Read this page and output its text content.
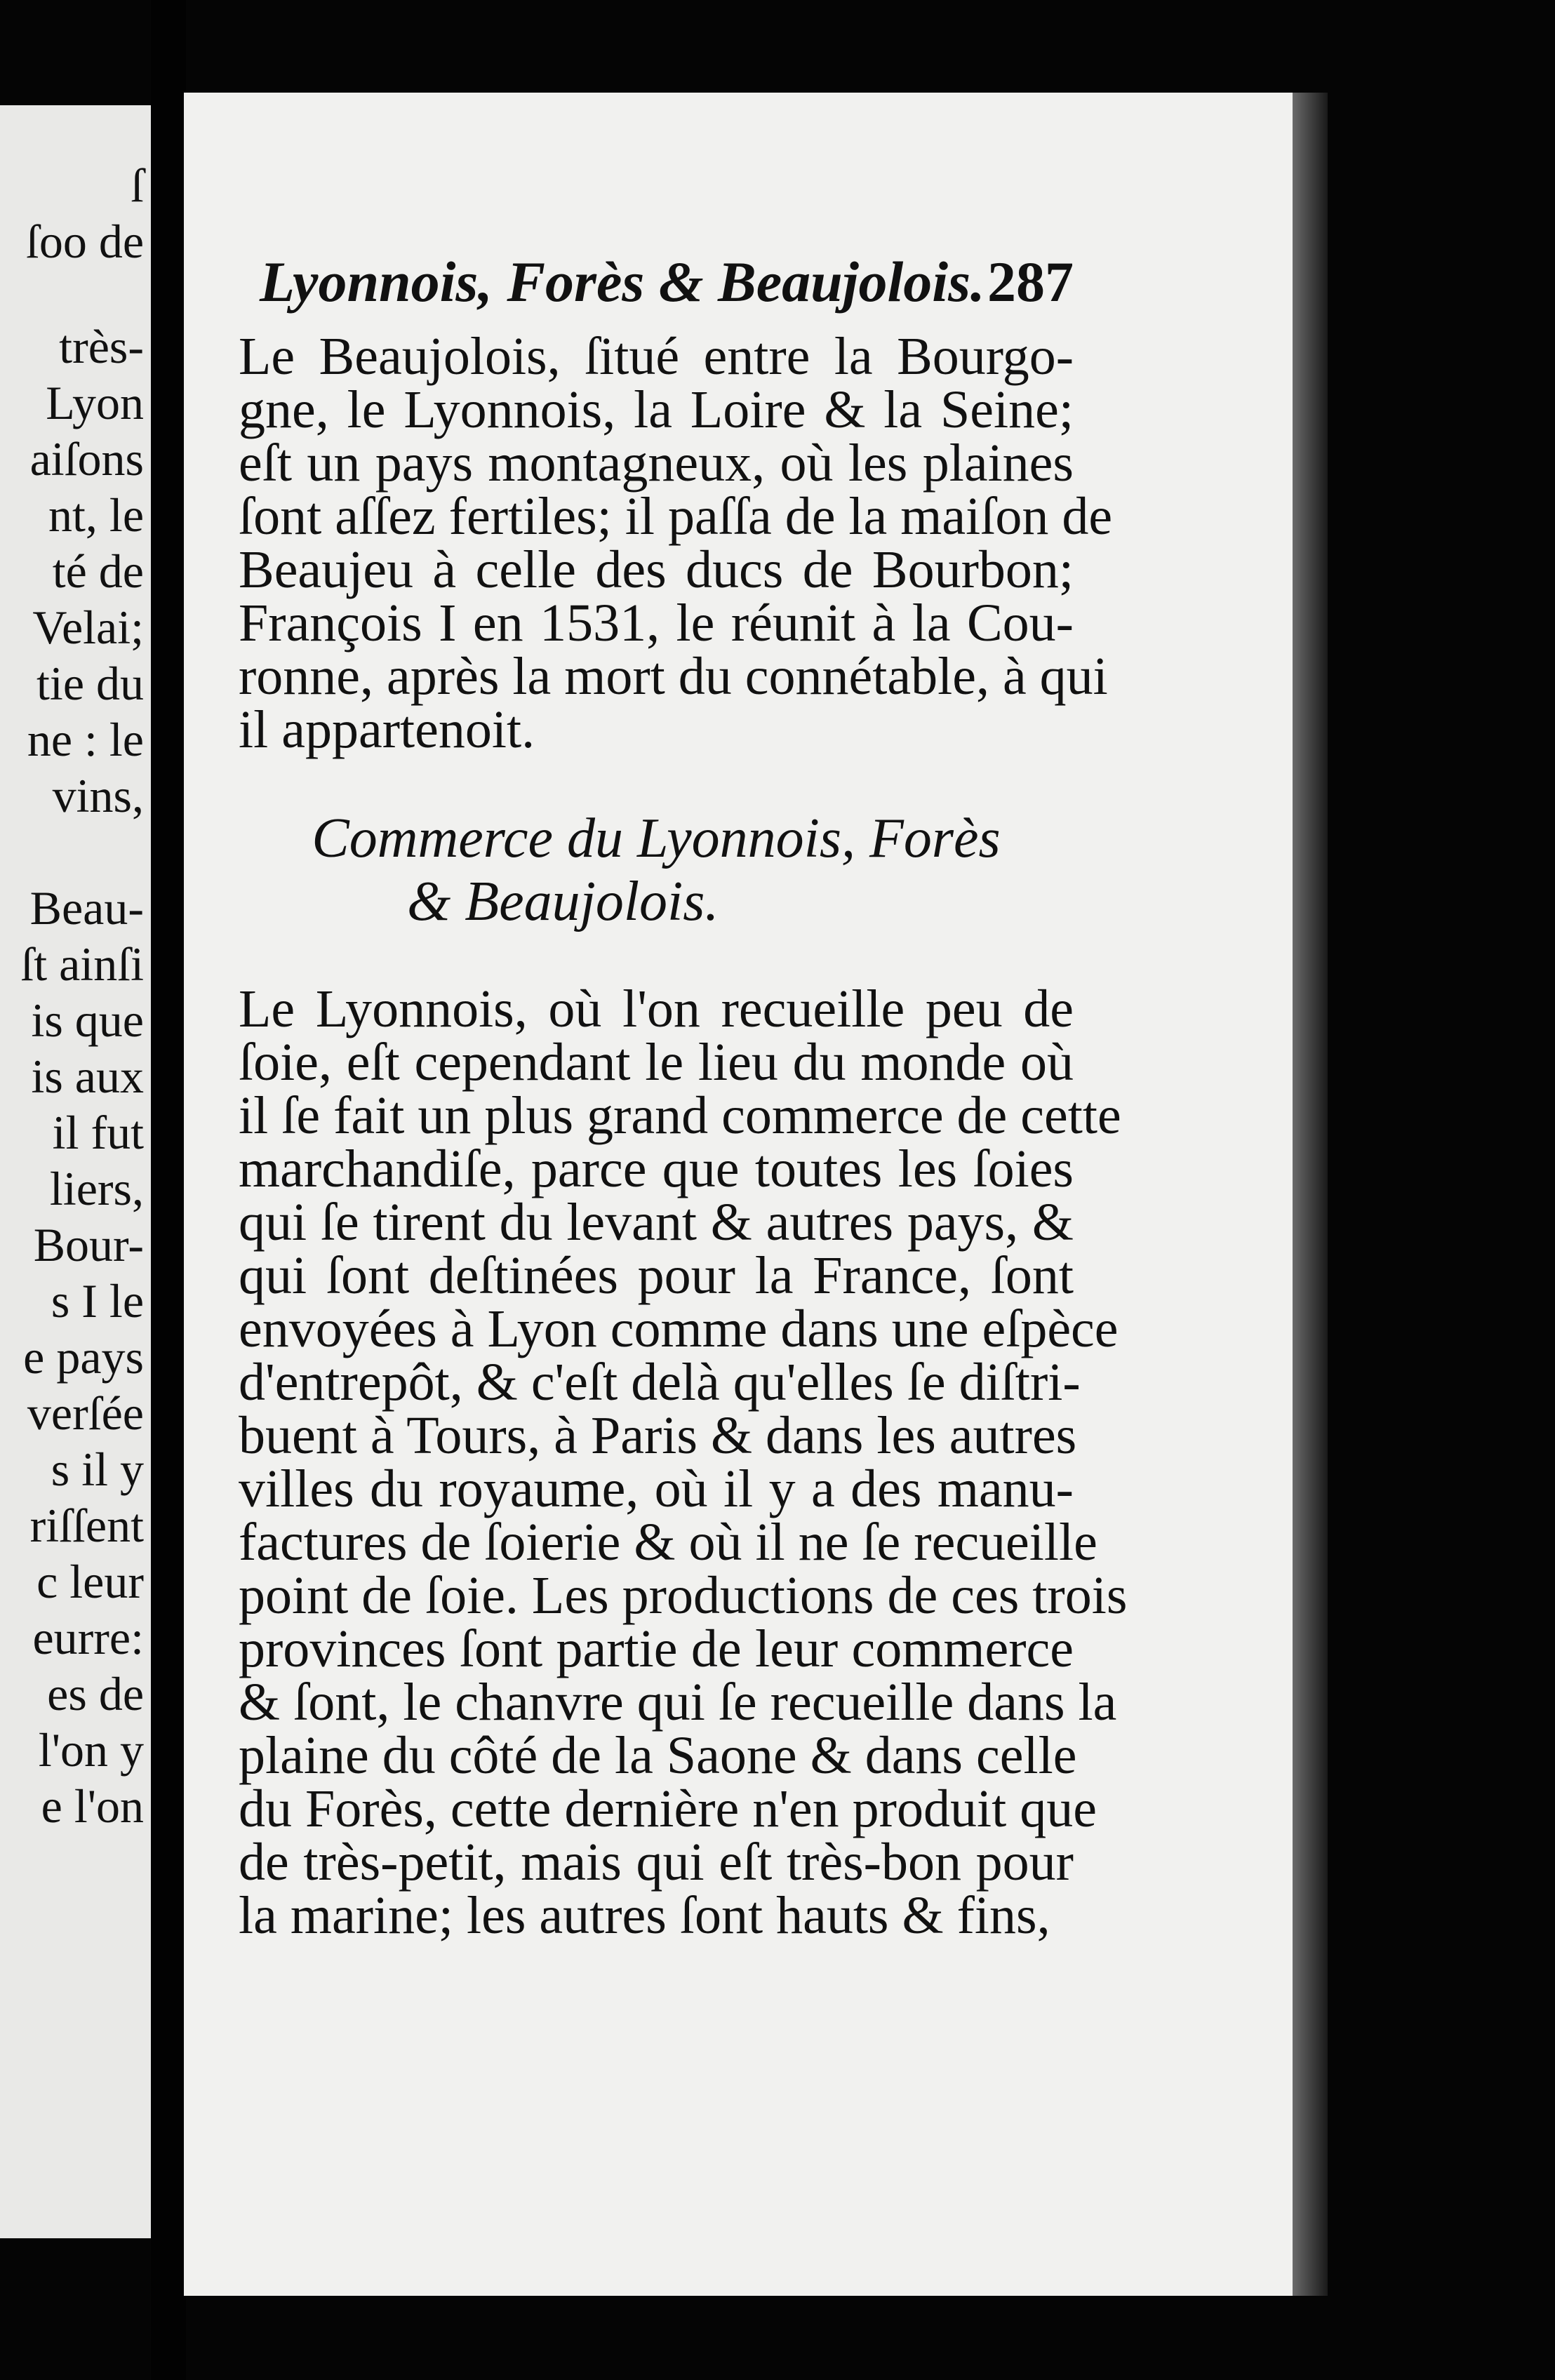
ſ
ſoo de
très-
Lyon
aiſons
nt, le
té de
Velai;
tie du
ne : le
vins,
Beau-
ſt ainſi
is que
is aux
il fut
liers,
Bour-
s I le
e pays
verſée
s il y
riſſent
c leur
eurre:
es de
l'on y
e l'on
Lyonnois, Forès & Beaujolois. 287
Le Beaujolois, ſitué entre la Bourgo-
gne, le Lyonnois, la Loire & la Seine;
eſt un pays montagneux, où les plaines
ſont aſſez fertiles; il paſſa de la maiſon de
Beaujeu à celle des ducs de Bourbon;
François I en 1531, le réunit à la Cou-
ronne, après la mort du connétable, à qui
il appartenoit.
Commerce du Lyonnois, Forès
& Beaujolois.
Le Lyonnois, où l'on recueille peu de
ſoie, eſt cependant le lieu du monde où
il ſe fait un plus grand commerce de cette
marchandiſe, parce que toutes les ſoies
qui ſe tirent du levant & autres pays, &
qui ſont deſtinées pour la France, ſont
envoyées à Lyon comme dans une eſpèce
d'entrepôt, & c'eſt delà qu'elles ſe diſtri-
buent à Tours, à Paris & dans les autres
villes du royaume, où il y a des manu-
factures de ſoierie & où il ne ſe recueille
point de ſoie. Les productions de ces trois
provinces ſont partie de leur commerce
& ſont, le chanvre qui ſe recueille dans la
plaine du côté de la Saone & dans celle
du Forès, cette dernière n'en produit que
de très-petit, mais qui eſt très-bon pour
la marine; les autres ſont hauts & fins,
